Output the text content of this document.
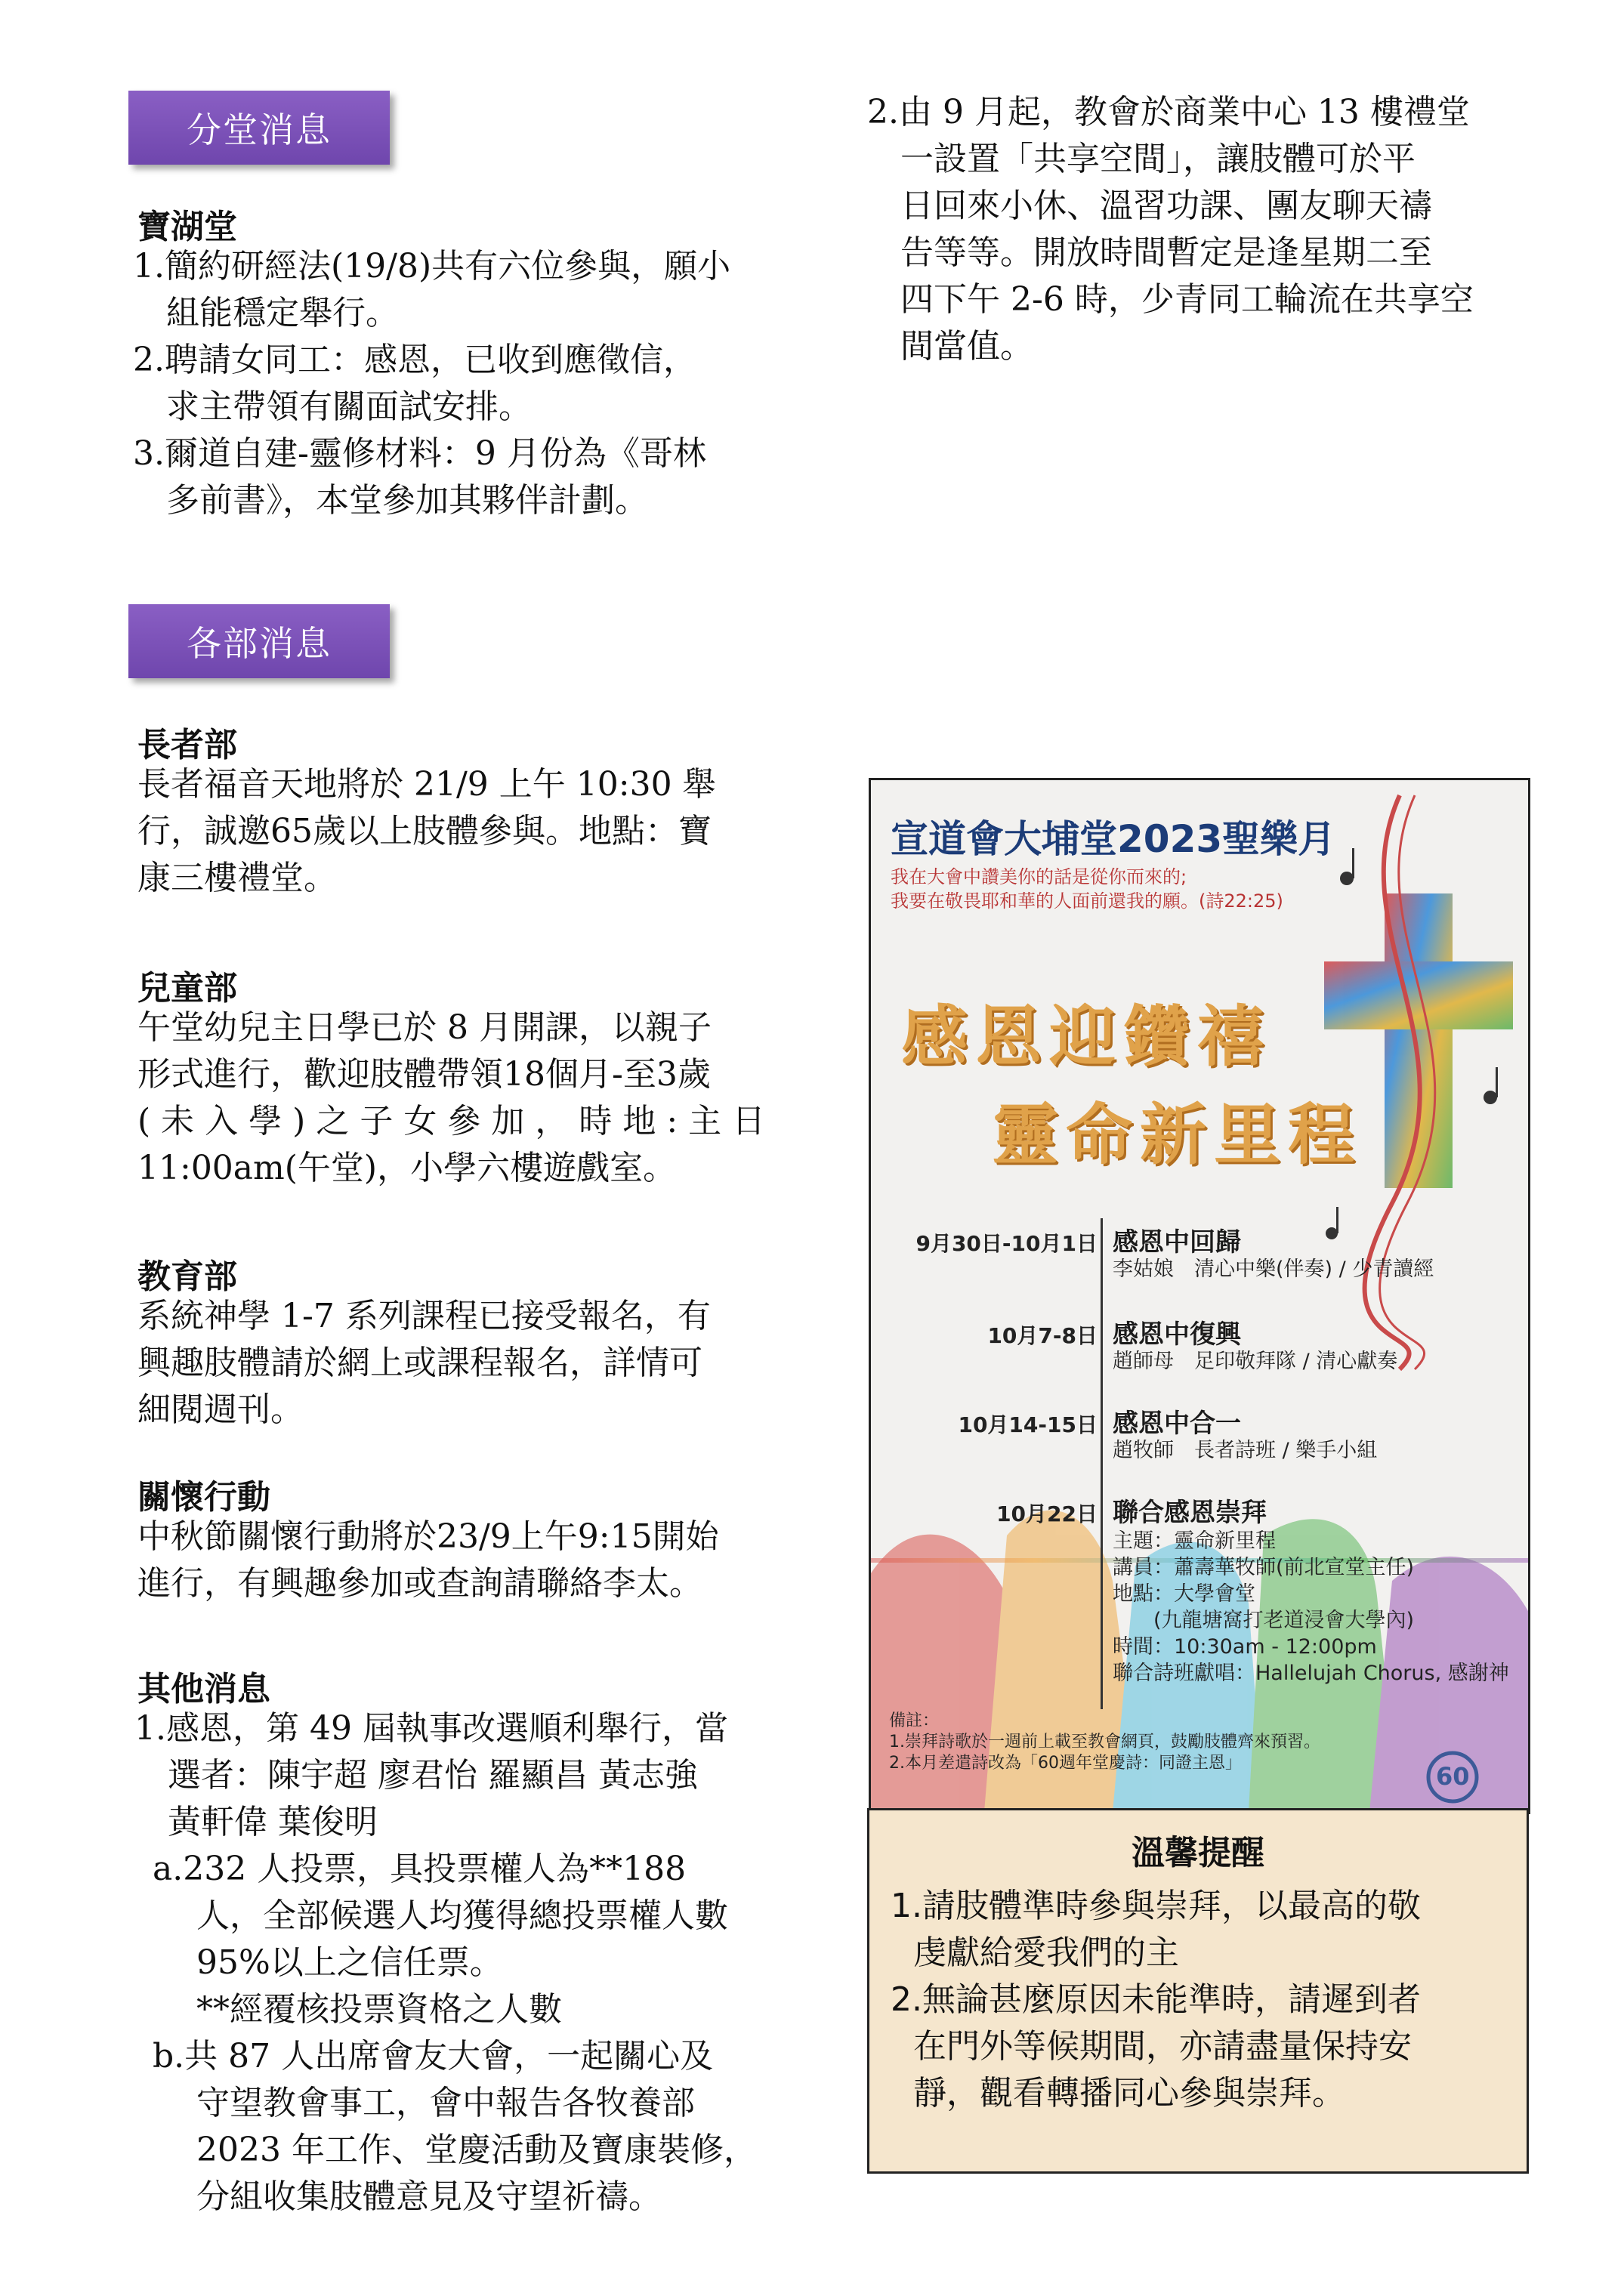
分堂消息
寶湖堂
1.簡約研經法(19/8)共有六位參與，願小

組能穩定舉行。
2.聘請女同工：感恩，已收到應徵信，

求主帶領有關面試安排。
3.爾道自建-靈修材料：9 月份為《哥林

多前書》，本堂參加其夥伴計劃。
各部消息
長者部
長者福音天地將於 21/9 上午 10:30 舉
行，誠邀65歲以上肢體參與。地點：寶
康三樓禮堂。
兒童部
午堂幼兒主日學已於 8 月開課，以親子
形式進行，歡迎肢體帶領18個月-至3歲
(未入學)之子女參加，時地:主日
11:00am(午堂)，小學六樓遊戲室。
教育部
系統神學 1-7 系列課程已接受報名，有
興趣肢體請於網上或課程報名，詳情可
細閱週刊。
關懷行動
中秋節關懷行動將於23/9上午9:15開始
進行，有興趣參加或查詢請聯絡李太。
其他消息
1.感恩，第 49 屆執事改選順利舉行，當

選者：陳宇超 廖君怡 羅顯昌 黃志強
黃軒偉 葉俊明
a.232 人投票，具投票權人為**188
人，全部候選人均獲得總投票權人數
95%以上之信任票。
**經覆核投票資格之人數
b.共 87 人出席會友大會，一起關心及
守望教會事工，會中報告各牧養部
2023 年工作、堂慶活動及寶康裝修，
分組收集肢體意見及守望祈禱。
2.由 9 月起，教會於商業中心 13 樓禮堂

一設置「共享空間」，讓肢體可於平
日回來小休、溫習功課、團友聊天禱
告等等。開放時間暫定是逢星期二至
四下午 2-6 時，少青同工輪流在共享空
間當值。
宣道會大埔堂2023聖樂月
我在大會中讚美你的話是從你而來的;
我要在敬畏耶和華的人面前還我的願。(詩22:25)
感恩迎鑽禧
靈命新里程
9月30日-10月1日 感恩中回歸
李姑娘　清心中樂(伴奏) / 少青讀經
10月7-8日 感恩中復興
趙師母　足印敬拜隊 / 清心獻奏
10月14-15日 感恩中合一
趙牧師　長者詩班 / 樂手小組
10月22日 聯合感恩崇拜
主題：靈命新里程
講員：蕭壽華牧師(前北宣堂主任)
地點：大學會堂
　　(九龍塘窩打老道浸會大學內)
時間：10:30am - 12:00pm
聯合詩班獻唱：Hallelujah Chorus, 感謝神
備註：
1.崇拜詩歌於一週前上載至教會網頁，鼓勵肢體齊來預習。
2.本月差遣詩改為「60週年堂慶詩：同證主恩」	60
溫馨提醒
1.請肢體準時參與崇拜，以最高的敬

虔獻給愛我們的主
2.無論甚麼原因未能準時，請遲到者

在門外等候期間，亦請盡量保持安
靜，觀看轉播同心參與崇拜。
